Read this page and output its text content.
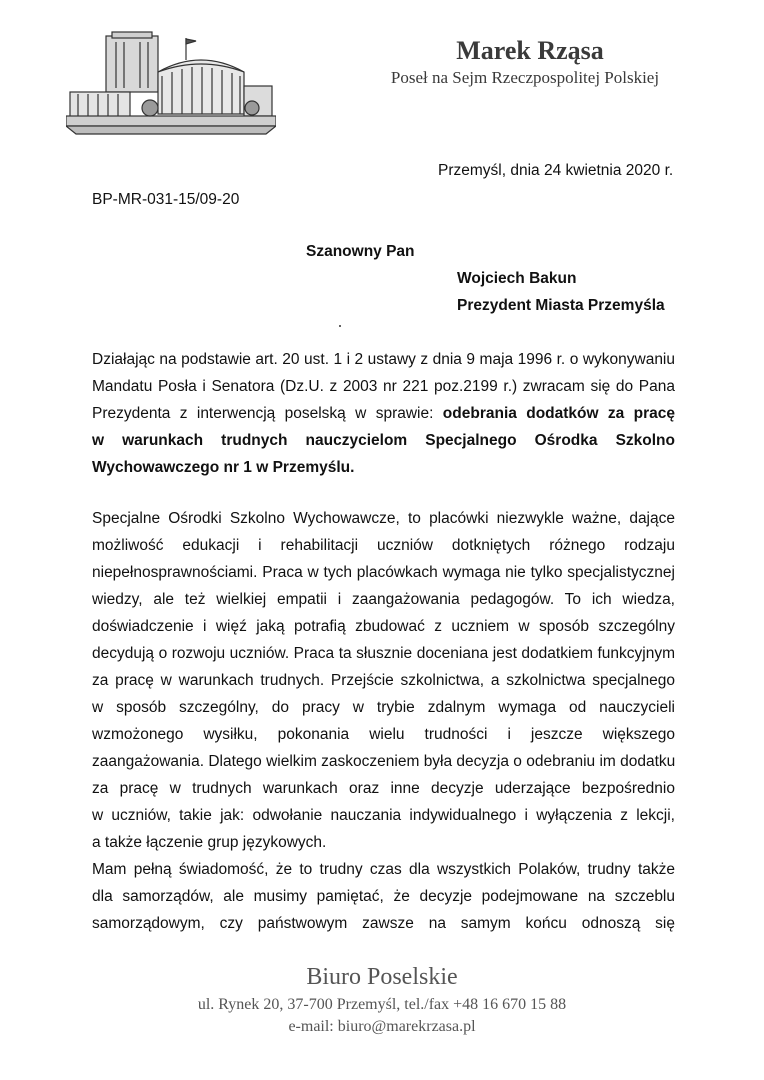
Marek Rząsa
Poseł na Sejm Rzeczpospolitej Polskiej
Przemyśl, dnia 24 kwietnia 2020 r.
BP-MR-031-15/09-20
Szanowny Pan
Wojciech Bakun
Prezydent Miasta Przemyśla
Działając na podstawie art. 20 ust. 1 i 2 ustawy z dnia 9 maja 1996 r. o wykonywaniu
Mandatu Posła i Senatora (Dz.U. z 2003 nr 221 poz.2199 r.) zwracam się do Pana
Prezydenta z interwencją poselską w sprawie: odebrania dodatków za pracę
w warunkach trudnych nauczycielom Specjalnego Ośrodka Szkolno
Wychowawczego nr 1 w Przemyślu.
Specjalne Ośrodki Szkolno Wychowawcze, to placówki niezwykle ważne, dające
możliwość edukacji i rehabilitacji uczniów dotkniętych różnego rodzaju
niepełnosprawnościami. Praca w tych placówkach wymaga nie tylko specjalistycznej
wiedzy, ale też wielkiej empatii i zaangażowania pedagogów. To ich wiedza,
doświadczenie i więź jaką potrafią zbudować z uczniem w sposób szczególny
decydują o rozwoju uczniów. Praca ta słusznie doceniana jest dodatkiem funkcyjnym
za pracę w warunkach trudnych. Przejście szkolnictwa, a szkolnictwa specjalnego
w sposób szczególny, do pracy w trybie zdalnym wymaga od nauczycieli
wzmożonego wysiłku, pokonania wielu trudności i jeszcze większego
zaangażowania. Dlatego wielkim zaskoczeniem była decyzja o odebraniu im dodatku
za pracę w trudnych warunkach oraz inne decyzje uderzające bezpośrednio
w uczniów, takie jak: odwołanie nauczania indywidualnego i wyłączenia z lekcji,
a także łączenie grup językowych.
Mam pełną świadomość, że to trudny czas dla wszystkich Polaków, trudny także
dla samorządów, ale musimy pamiętać, że decyzje podejmowane na szczeblu
samorządowym, czy państwowym zawsze na samym końcu odnoszą się
Biuro Poselskie
ul. Rynek 20, 37-700 Przemyśl, tel./fax +48 16 670 15 88
e-mail: biuro@marekrzasa.pl
